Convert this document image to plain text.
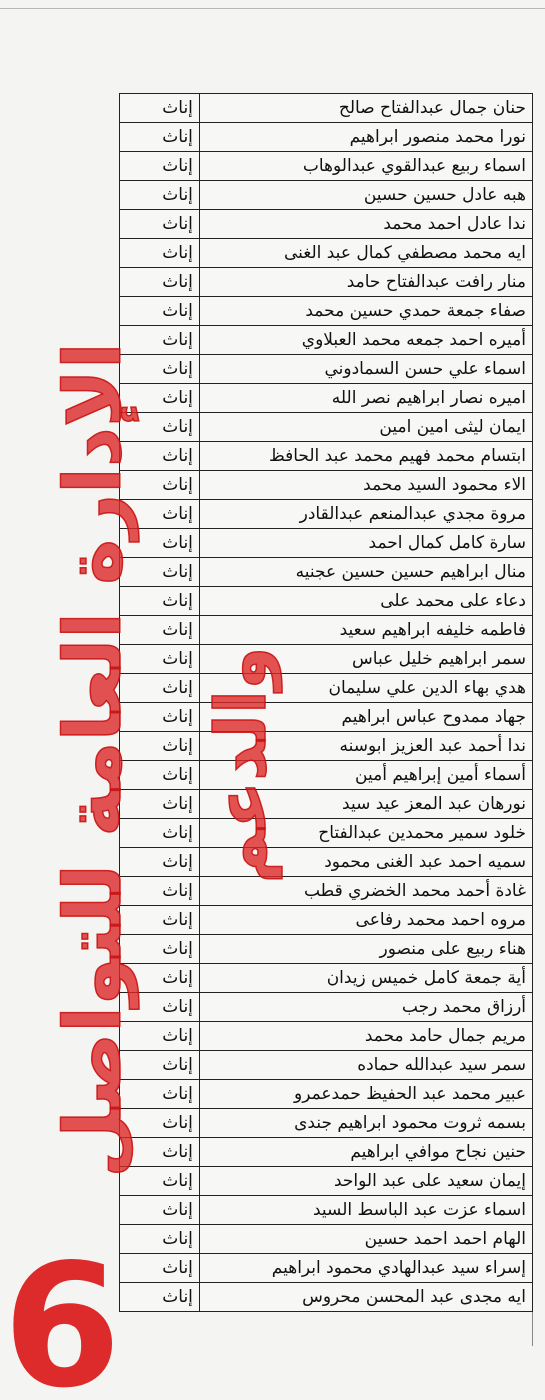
حنان جمال عبدالفتاح صالح	إناث
نورا محمد منصور ابراهيم	إناث
اسماء ربيع عبدالقوي عبدالوهاب	إناث
هبه عادل حسين حسين	إناث
ندا عادل احمد محمد	إناث
ايه محمد مصطفي كمال عبد الغنى	إناث
منار رافت عبدالفتاح حامد	إناث
صفاء جمعة حمدي حسين محمد	إناث
أميره احمد جمعه محمد العبلاوي	إناث
اسماء علي حسن السمادوني	إناث
اميره نصار ابراهيم نصر الله	إناث
ايمان ليثى امين امين	إناث
ابتسام محمد فهيم محمد عبد الحافظ	إناث
الاء محمود السيد محمد	إناث
مروة مجدي عبدالمنعم عبدالقادر	إناث
سارة كامل كمال احمد	إناث
منال ابراهيم حسين حسين عجنيه	إناث
دعاء على محمد على	إناث
فاطمه خليفه ابراهيم سعيد	إناث
سمر ابراهيم خليل عباس	إناث
هدي بهاء الدين علي سليمان	إناث
جهاد ممدوح عباس ابراهيم	إناث
ندا أحمد عبد العزيز ابوسنه	إناث
أسماء أمين إبراهيم أمين	إناث
نورهان عبد المعز عيد سيد	إناث
خلود سمير محمدين عبدالفتاح	إناث
سميه احمد عبد الغنى محمود	إناث
غادة أحمد محمد الخضري قطب	إناث
مروه احمد محمد رفاعى	إناث
هناء ربيع على منصور	إناث
أية جمعة كامل خميس زيدان	إناث
أرزاق محمد رجب	إناث
مريم جمال حامد محمد	إناث
سمر سيد عبدالله حماده	إناث
عبير محمد عبد الحفيظ حمدعمرو	إناث
بسمه ثروت محمود ابراهيم جندى	إناث
حنين نجاح موافي ابراهيم	إناث
إيمان سعيد على عبد الواحد	إناث
اسماء عزت عبد الباسط السيد	إناث
الهام احمد احمد حسين	إناث
إسراء سيد عبدالهادي محمود ابراهيم	إناث
ايه مجدى عبد المحسن محروس	إناث
الإدارة العامة للتواصل والدعم
6
